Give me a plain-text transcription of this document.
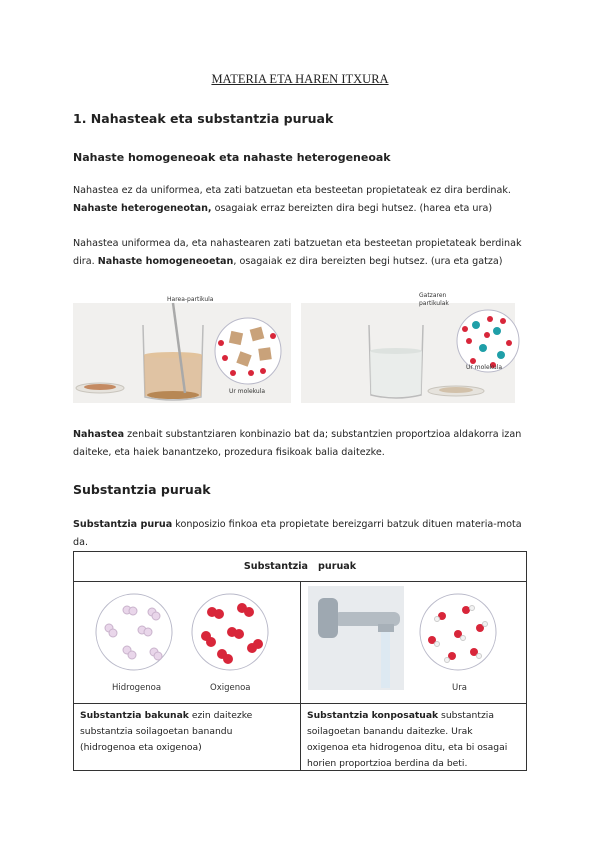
MATERIA ETA HAREN ITXURA
1. Nahasteak eta substantzia puruak
Nahaste homogeneoak eta nahaste heterogeneoak
Nahastea ez da uniformea, eta zati batzuetan eta besteetan propietateak ez dira berdinak.
Nahaste heterogeneotan, osagaiak erraz bereizten dira begi hutsez. (harea eta ura)
Nahastea uniformea da, eta nahastearen zati batzuetan eta besteetan propietateak berdinak
dira. Nahaste homogeneoetan, osagaiak ez dira bereizten begi hutsez. (ura eta gatza)
Harea-partikula
Ur molekula
Gatzaren
partikulak
Ur molekula
Nahastea zenbait substantziaren konbinazio bat da; substantzien proportzioa aldakorra izan
daiteke, eta haiek banantzeko, prozedura fisikoak balia daitezke.
Substantzia puruak
Substantzia purua konposizio finkoa eta propietate bereizgarri batzuk dituen materia-mota
da.
Substantzia   puruak
Hidrogenoa	Oxigenoa	Ura
Substantzia bakunak ezin daitezke
substantzia soilagoetan banandu
(hidrogenoa eta oxigenoa)
Substantzia konposatuak substantzia
soilagoetan banandu daitezke. Urak
oxigenoa eta hidrogenoa ditu, eta bi osagai
horien proportzioa berdina da beti.
